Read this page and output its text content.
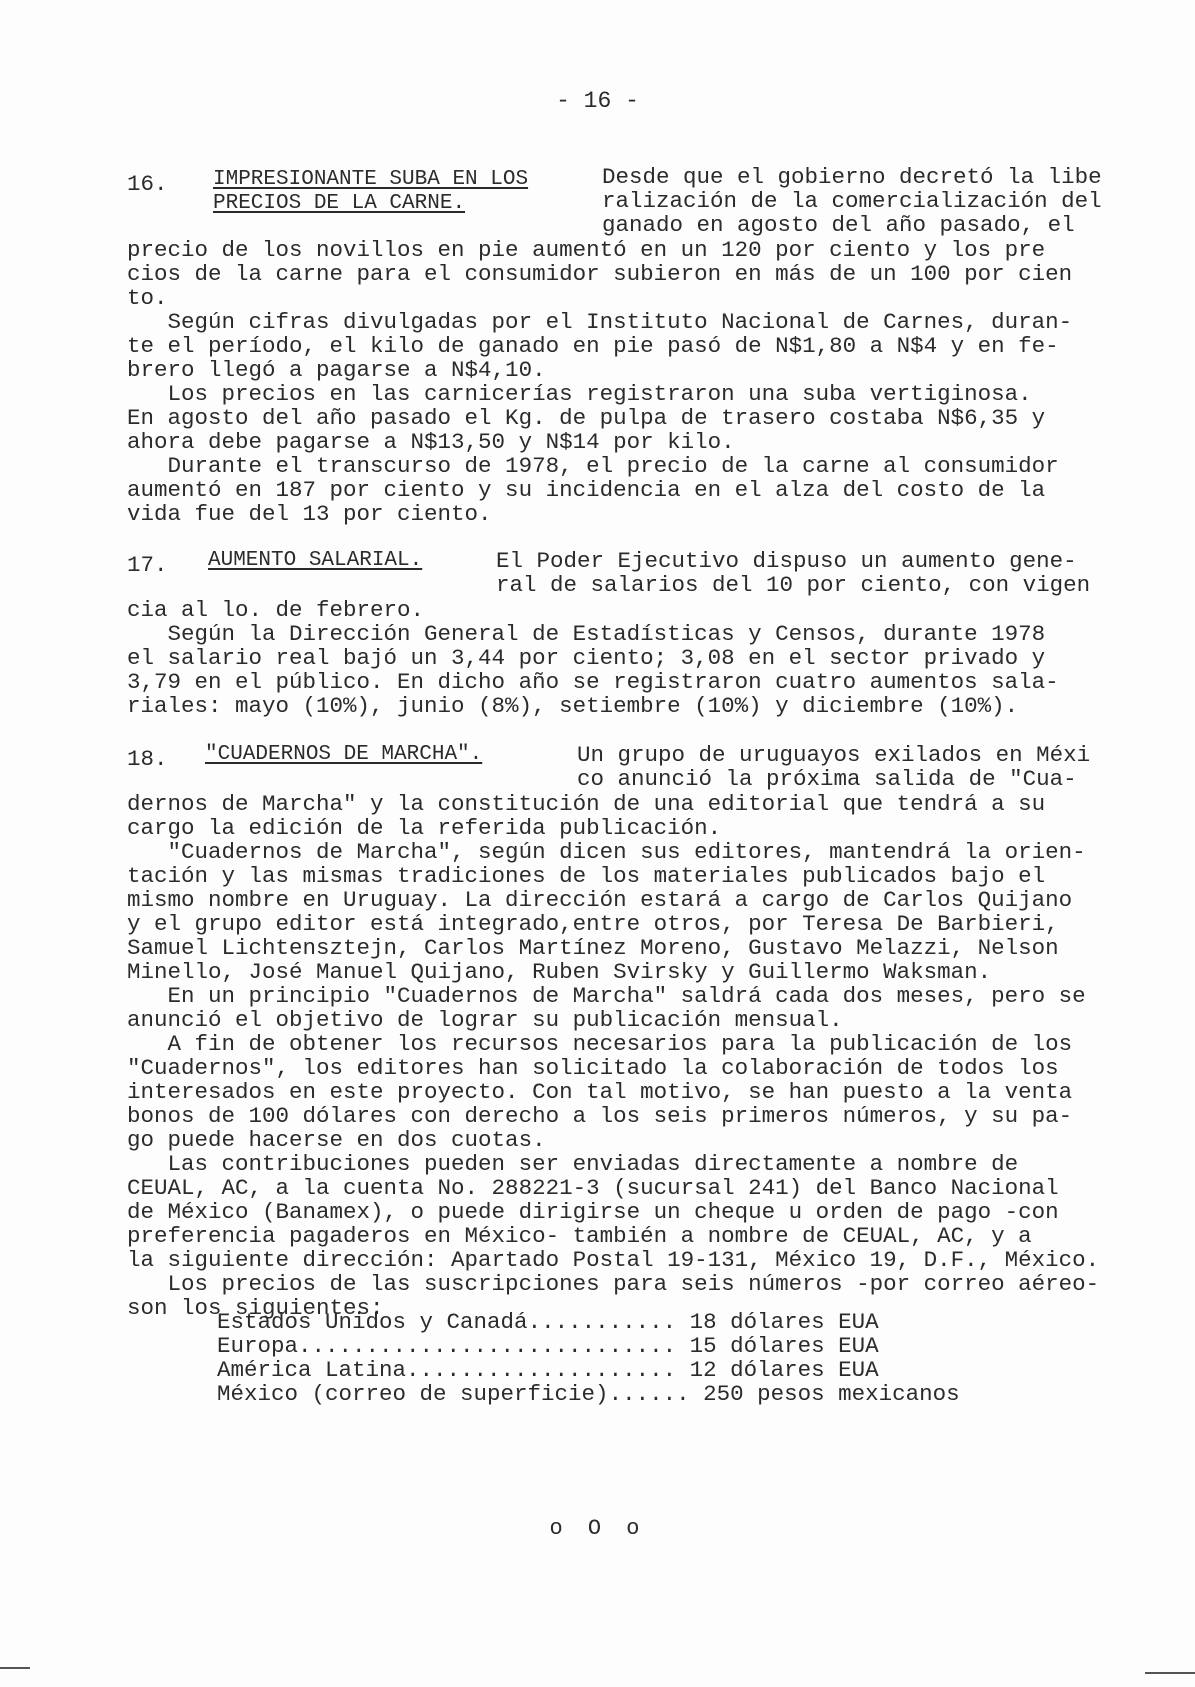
- 16 -
16. IMPRESIONANTE SUBA EN LOS
PRECIOS DE LA CARNE.
Desde que el gobierno decretó la libe
ralización de la comercialización del
ganado en agosto del año pasado, el
precio de los novillos en pie aumentó en un 120 por ciento y los pre
cios de la carne para el consumidor subieron en más de un 100 por cien
to.
Según cifras divulgadas por el Instituto Nacional de Carnes, duran-
te el período, el kilo de ganado en pie pasó de N$1,80 a N$4 y en fe-
brero llegó a pagarse a N$4,10.
Los precios en las carnicerías registraron una suba vertiginosa.
En agosto del año pasado el Kg. de pulpa de trasero costaba N$6,35 y
ahora debe pagarse a N$13,50 y N$14 por kilo.
Durante el transcurso de 1978, el precio de la carne al consumidor
aumentó en 187 por ciento y su incidencia en el alza del costo de la
vida fue del 13 por ciento.
17. AUMENTO SALARIAL.	El Poder Ejecutivo dispuso un aumento gene-
ral de salarios del 10 por ciento, con vigen
cia al lo. de febrero.
Según la Dirección General de Estadísticas y Censos, durante 1978
el salario real bajó un 3,44 por ciento; 3,08 en el sector privado y
3,79 en el público. En dicho año se registraron cuatro aumentos sala-
riales: mayo (10%), junio (8%), setiembre (10%) y diciembre (10%).
18. "CUADERNOS DE MARCHA".	Un grupo de uruguayos exilados en Méxi
co anunció la próxima salida de "Cua-
dernos de Marcha" y la constitución de una editorial que tendrá a su
cargo la edición de la referida publicación.
"Cuadernos de Marcha", según dicen sus editores, mantendrá la orien-
tación y las mismas tradiciones de los materiales publicados bajo el
mismo nombre en Uruguay. La dirección estará a cargo de Carlos Quijano
y el grupo editor está integrado,entre otros, por Teresa De Barbieri,
Samuel Lichtensztejn, Carlos Martínez Moreno, Gustavo Melazzi, Nelson
Minello, José Manuel Quijano, Ruben Svirsky y Guillermo Waksman.
En un principio "Cuadernos de Marcha" saldrá cada dos meses, pero se
anunció el objetivo de lograr su publicación mensual.
A fin de obtener los recursos necesarios para la publicación de los
"Cuadernos", los editores han solicitado la colaboración de todos los
interesados en este proyecto. Con tal motivo, se han puesto a la venta
bonos de 100 dólares con derecho a los seis primeros números, y su pa-
go puede hacerse en dos cuotas.
Las contribuciones pueden ser enviadas directamente a nombre de
CEUAL, AC, a la cuenta No. 288221-3 (sucursal 241) del Banco Nacional
de México (Banamex), o puede dirigirse un cheque u orden de pago -con
preferencia pagaderos en México- también a nombre de CEUAL, AC, y a
la siguiente dirección: Apartado Postal 19-131, México 19, D.F., México.
Los precios de las suscripciones para seis números -por correo aéreo-
son los siguientes:
Estados Unidos y Canadá........... 18 dólares EUA
Europa............................ 15 dólares EUA
América Latina.................... 12 dólares EUA
México (correo de superficie)...... 250 pesos mexicanos
o O o
